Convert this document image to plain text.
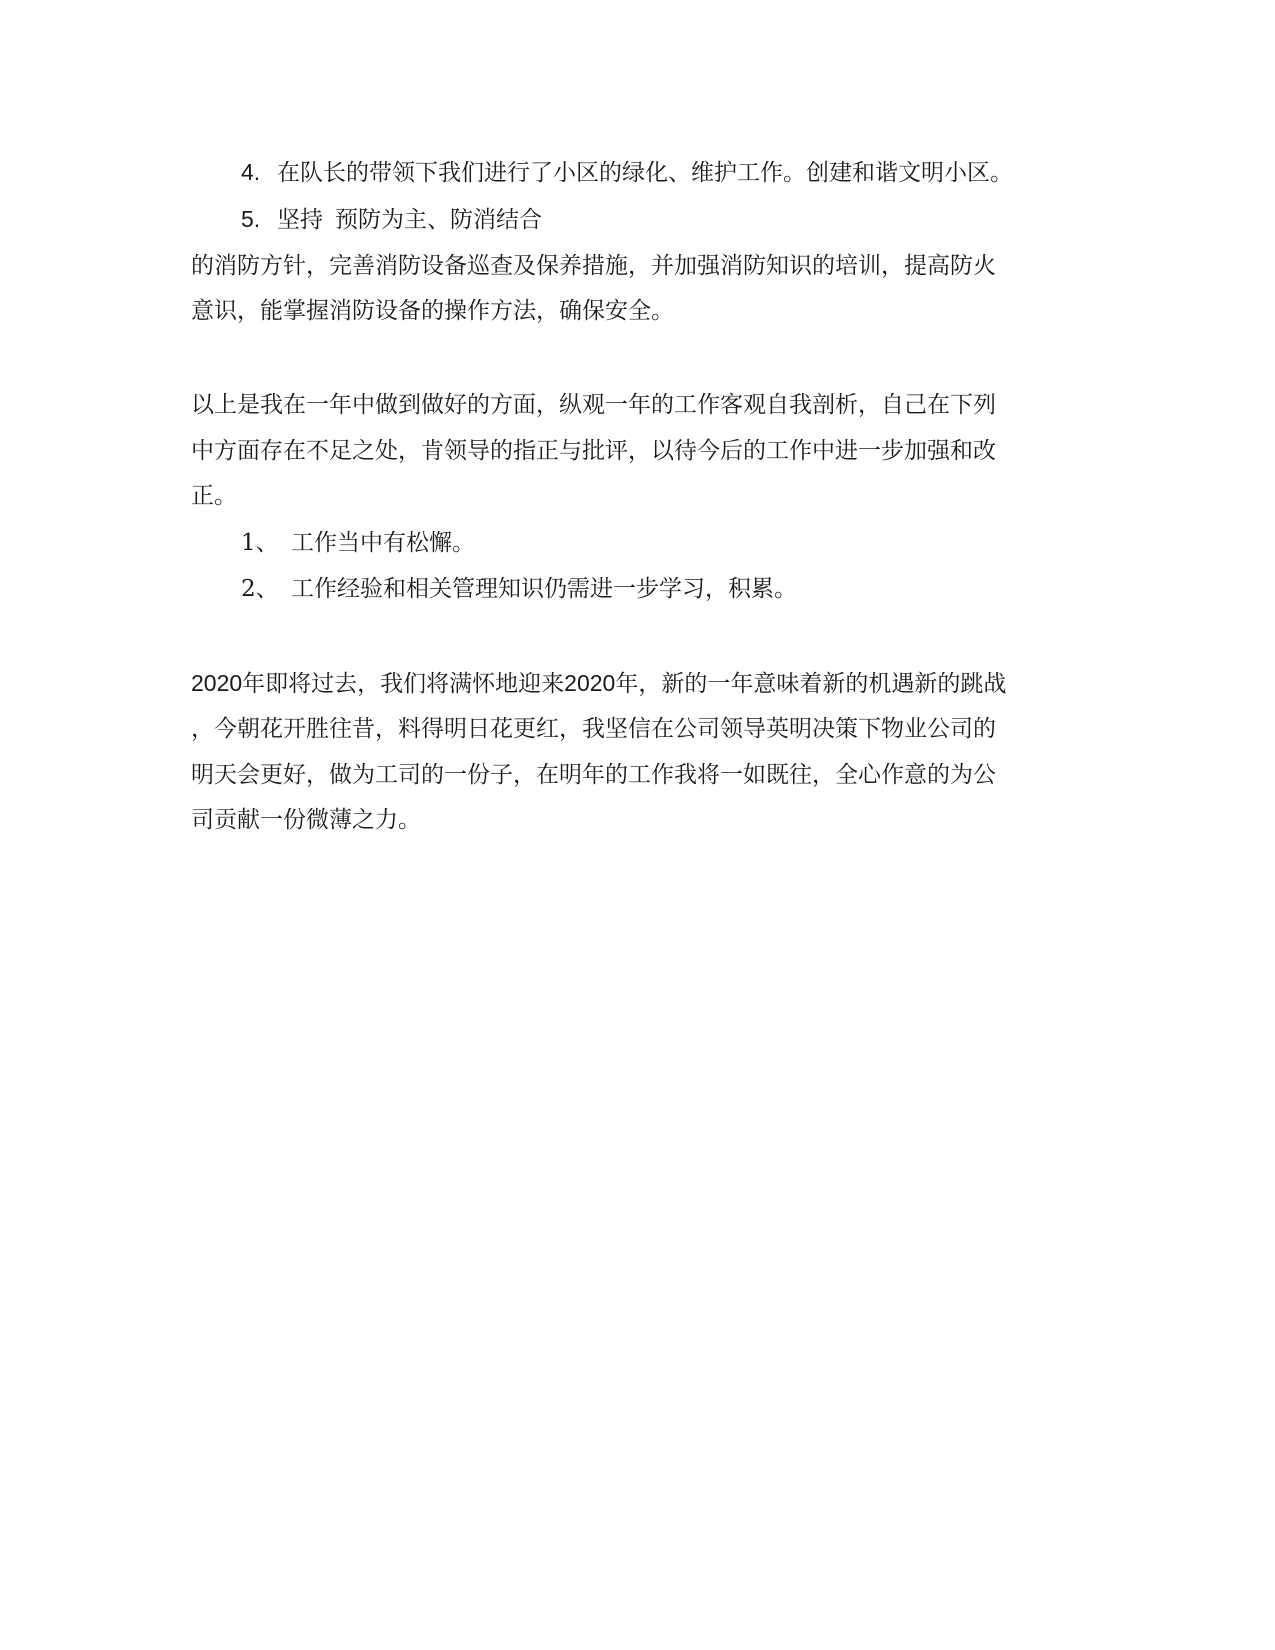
4. 在队长的带领下我们进行了小区的绿化、维护工作。创建和谐文明小区。
5. 坚持 预防为主、防消结合
的消防方针，完善消防设备巡查及保养措施，并加强消防知识的培训，提高防火
意识，能掌握消防设备的操作方法，确保安全。
以上是我在一年中做到做好的方面，纵观一年的工作客观自我剖析，自己在下列
中方面存在不足之处，肯领导的指正与批评，以待今后的工作中进一步加强和改
正。
1、 工作当中有松懈。
2、 工作经验和相关管理知识仍需进一步学习，积累。
2020年即将过去，我们将满怀地迎来2020年，新的一年意味着新的机遇新的跳战
，今朝花开胜往昔，料得明日花更红，我坚信在公司领导英明决策下物业公司的
明天会更好，做为工司的一份子，在明年的工作我将一如既往，全心作意的为公
司贡献一份微薄之力。
